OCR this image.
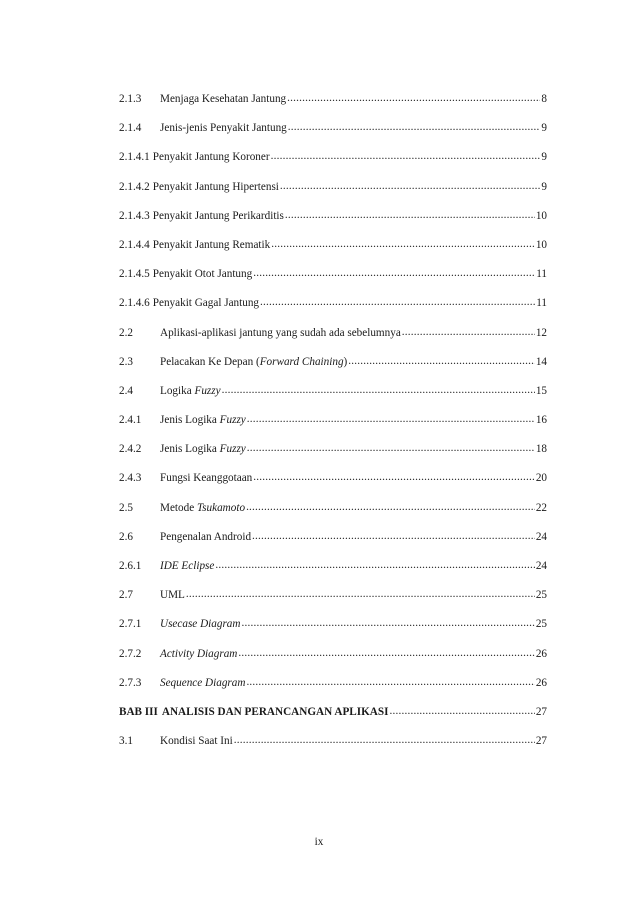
2.1.3	Menjaga Kesehatan Jantung .....	8
2.1.4	Jenis-jenis Penyakit Jantung .....	9
2.1.4.1 Penyakit Jantung Koroner .....	9
2.1.4.2 Penyakit Jantung Hipertensi .....	9
2.1.4.3 Penyakit Jantung Perikarditis .....	10
2.1.4.4 Penyakit Jantung Rematik .....	10
2.1.4.5 Penyakit Otot Jantung .....	11
2.1.4.6 Penyakit Gagal Jantung .....	11
2.2	Aplikasi-aplikasi jantung yang sudah ada sebelumnya .....	12
2.3	Pelacakan Ke Depan (Forward Chaining) .....	14
2.4	Logika Fuzzy .....	15
2.4.1	Jenis Logika Fuzzy .....	16
2.4.2	Jenis Logika Fuzzy .....	18
2.4.3	Fungsi Keanggotaan .....	20
2.5	Metode Tsukamoto .....	22
2.6	Pengenalan Android .....	24
2.6.1	IDE Eclipse .....	24
2.7	UML .....	25
2.7.1	Usecase Diagram .....	25
2.7.2	Activity Diagram .....	26
2.7.3	Sequence Diagram .....	26
BAB III ANALISIS DAN PERANCANGAN APLIKASI .....	27
3.1	Kondisi Saat Ini .....	27
ix
